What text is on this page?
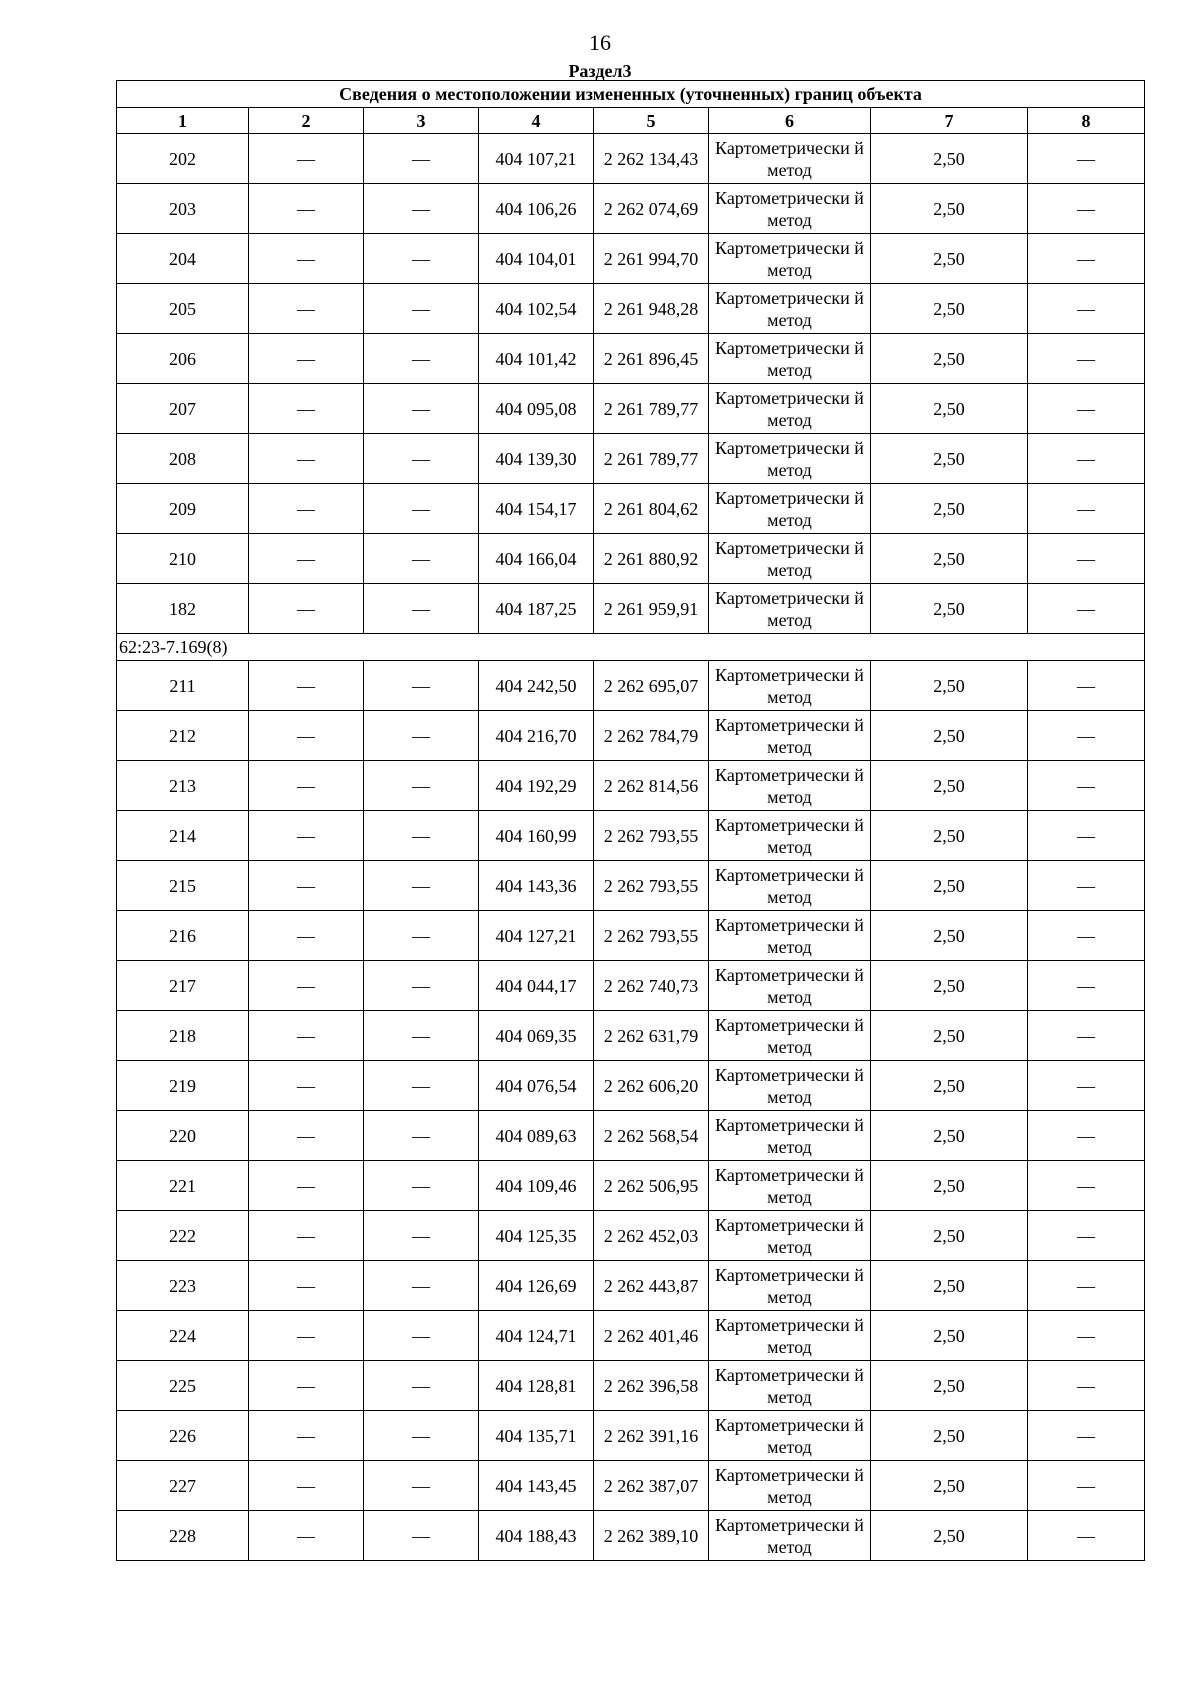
16
Раздел3
Сведения о местоположении измененных (уточненных) границ объекта							
1	2	3	4	5	6	7	8
202	—	—	404 107,21	2 262 134,43	Картометрически й метод	2,50	—
203	—	—	404 106,26	2 262 074,69	Картометрически й метод	2,50	—
204	—	—	404 104,01	2 261 994,70	Картометрически й метод	2,50	—
205	—	—	404 102,54	2 261 948,28	Картометрически й метод	2,50	—
206	—	—	404 101,42	2 261 896,45	Картометрически й метод	2,50	—
207	—	—	404 095,08	2 261 789,77	Картометрически й метод	2,50	—
208	—	—	404 139,30	2 261 789,77	Картометрически й метод	2,50	—
209	—	—	404 154,17	2 261 804,62	Картометрически й метод	2,50	—
210	—	—	404 166,04	2 261 880,92	Картометрически й метод	2,50	—
182	—	—	404 187,25	2 261 959,91	Картометрически й метод	2,50	—
62:23-7.169(8)							
211	—	—	404 242,50	2 262 695,07	Картометрически й метод	2,50	—
212	—	—	404 216,70	2 262 784,79	Картометрически й метод	2,50	—
213	—	—	404 192,29	2 262 814,56	Картометрически й метод	2,50	—
214	—	—	404 160,99	2 262 793,55	Картометрически й метод	2,50	—
215	—	—	404 143,36	2 262 793,55	Картометрически й метод	2,50	—
216	—	—	404 127,21	2 262 793,55	Картометрически й метод	2,50	—
217	—	—	404 044,17	2 262 740,73	Картометрически й метод	2,50	—
218	—	—	404 069,35	2 262 631,79	Картометрически й метод	2,50	—
219	—	—	404 076,54	2 262 606,20	Картометрически й метод	2,50	—
220	—	—	404 089,63	2 262 568,54	Картометрически й метод	2,50	—
221	—	—	404 109,46	2 262 506,95	Картометрически й метод	2,50	—
222	—	—	404 125,35	2 262 452,03	Картометрически й метод	2,50	—
223	—	—	404 126,69	2 262 443,87	Картометрически й метод	2,50	—
224	—	—	404 124,71	2 262 401,46	Картометрически й метод	2,50	—
225	—	—	404 128,81	2 262 396,58	Картометрически й метод	2,50	—
226	—	—	404 135,71	2 262 391,16	Картометрически й метод	2,50	—
227	—	—	404 143,45	2 262 387,07	Картометрически й метод	2,50	—
228	—	—	404 188,43	2 262 389,10	Картометрически й метод	2,50	—
